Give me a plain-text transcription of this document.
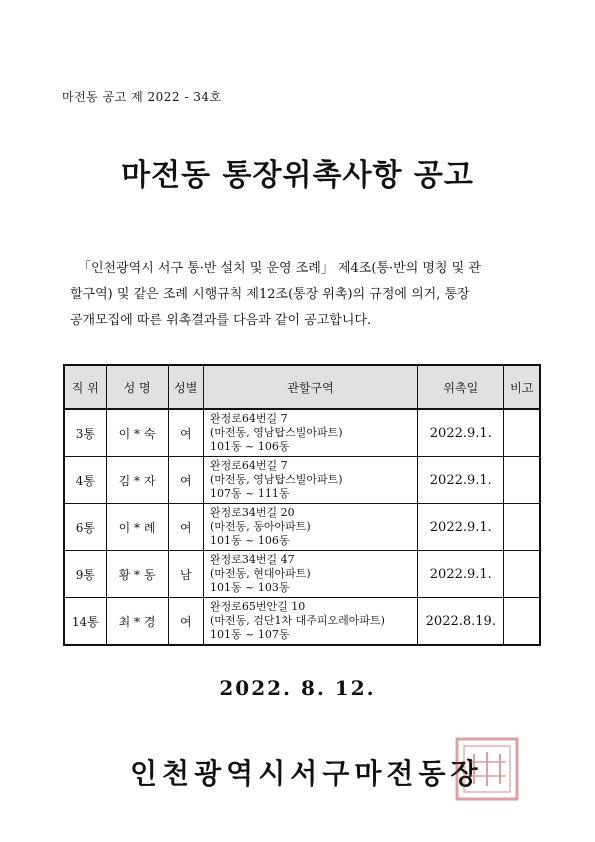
마전동 공고 제 2022 - 34호
마전동 통장위촉사항 공고
「인천광역시 서구 통·반 설치 및 운영 조례」 제4조(통·반의 명칭 및 관
할구역) 및 같은 조례 시행규칙 제12조(통장 위촉)의 규정에 의거, 통장
공개모집에 따른 위촉결과를 다음과 같이 공고합니다.
직 위	성 명	성별	관할구역	위촉일	비고
3통	이 * 숙	여	완정로64번길 7
(마전동, 영남탑스빌아파트)
101동 ~ 106동	2022.9.1.	
4통	김 * 자	여	완정로64번길 7
(마전동, 영남탑스빌아파트)
107동 ~ 111동	2022.9.1.	
6통	이 * 례	여	완정로34번길 20
(마전동, 동아아파트)
101동 ~ 106동	2022.9.1.	
9통	황 * 동	남	완정로34번길 47
(마전동, 현대아파트)
101동 ~ 103동	2022.9.1.	
14통	최 * 경	여	완정로65번안길 10
(마전동, 검단1차 대주피오레아파트)
101동 ~ 107동	2022.8.19.	
2022. 8. 12.
인천광역시서구마전동장
